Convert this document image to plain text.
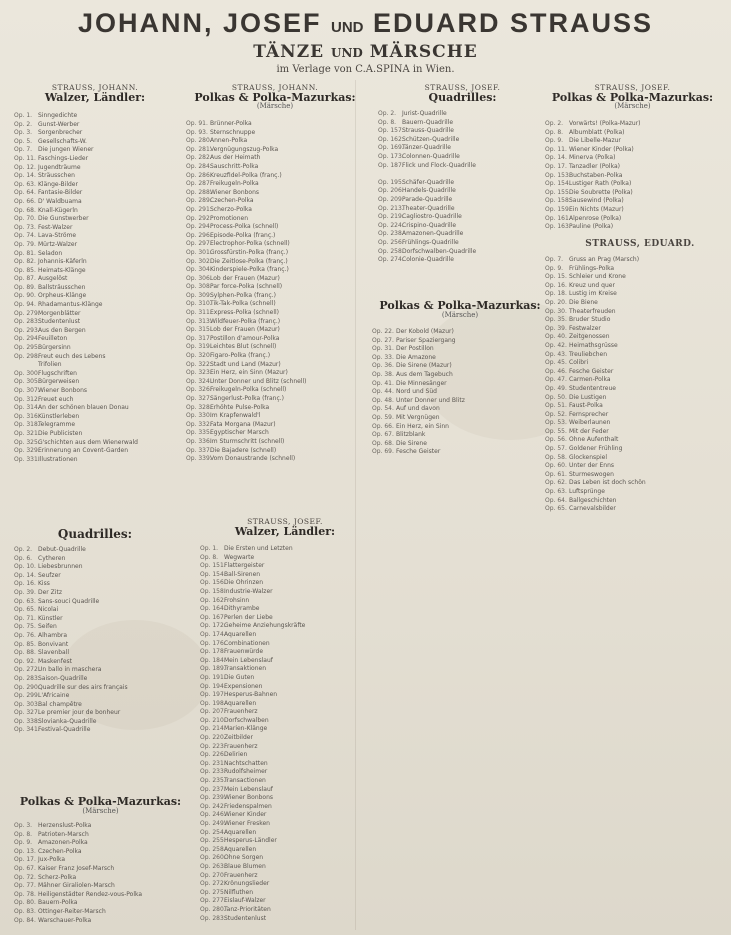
JOHANN, JOSEF UND EDUARD STRAUSS
TÄNZE UND MÄRSCHE
im Verlage von C.A.SPINA in Wien.
STRAUSS, JOHANN.
Walzer, Ländler:
STRAUSS, JOHANN.
Polkas & Polka-Mazurkas:
(Märsche)
STRAUSS, JOSEF.
Quadrilles:
STRAUSS, JOSEF.
Polkas & Polka-Mazurkas:
(Märsche)
STRAUSS, EDUARD.
Polkas & Polka-Mazurkas:
(Märsche)
Quadrilles:
STRAUSS, JOSEF.
Walzer, Ländler:
Polkas & Polka-Mazurkas:
(Märsche)
Op. 1. Sinngedichte
Op. 2. Gunst-Werber
Op. 3. Sorgenbrecher
Op. 5. Gesellschafts-W.
Op. 7. Die jungen Wiener
Op. 11. Faschings-Lieder
Op. 12. Jugendträume
Op. 14. Sträusschen
Op. 63. Klänge-Bilder
Op. 64. Fantasie-Bilder
Op. 66. D' Waldbuama
Op. 68. Knall-Kügerln
Op. 70. Die Gunstwerber
Op. 73. Fest-Walzer
Op. 74. Lava-Ströme
Op. 79. Mürtz-Walzer
Op. 81. Seladon
Op. 82. Johannis-Käferln
Op. 85. Heimats-Klänge
Op. 87. Ausgelöst
Op. 89. Ballsträusschen
Op. 90. Orpheus-Klänge
Op. 94. Rhadamantus-Klänge
Op. 279.Morgenblätter
Op. 283.Studentenlust
Op. 293.Aus den Bergen
Op. 294.Feuilleton
Op. 295.Bürgersinn
Op. 298.Freut euch des Lebens
Trifolien
Op. 300.Flugschriften
Op. 305.Bürgerweisen
Op. 307.Wiener Bonbons
Op. 312.Freuet euch
Op. 314.An der schönen blauen Donau
Op. 316.Künstlerleben
Op. 318.Telegramme
Op. 321.Die Publicisten
Op. 325.G'schichten aus dem Wienerwald
Op. 329.Erinnerung an Covent-Garden
Op. 331.Illustrationen
Op. 91. Brünner-Polka
Op. 93. Sternschnuppe
Op. 280.Annen-Polka
Op. 281.Vergnügungszug-Polka
Op. 282.Aus der Heimath
Op. 284.Sauschritt-Polka
Op. 286.Kreuzfidel-Polka (franç.)
Op. 287.Freikugeln-Polka
Op. 288.Wiener Bonbons
Op. 289.Czechen-Polka
Op. 291.Scherzo-Polka
Op. 292.Promotionen
Op. 294.Process-Polka (schnell)
Op. 296.Episode-Polka (franç.)
Op. 297.Electrophor-Polka (schnell)
Op. 301.Grossfürstin-Polka (franç.)
Op. 302.Die Zeitlose-Polka (franç.)
Op. 304.Kinderspiele-Polka (franç.)
Op. 306.Lob der Frauen (Mazur)
Op. 308.Par force-Polka (schnell)
Op. 309.Sylphen-Polka (franç.)
Op. 310.Tik-Tak-Polka (schnell)
Op. 311.Express-Polka (schnell)
Op. 313.Wildfeuer-Polka (franç.)
Op. 315.Lob der Frauen (Mazur)
Op. 317.Postillon d'amour-Polka
Op. 319.Leichtes Blut (schnell)
Op. 320.Figaro-Polka (franç.)
Op. 322.Stadt und Land (Mazur)
Op. 323.Ein Herz, ein Sinn (Mazur)
Op. 324.Unter Donner und Blitz (schnell)
Op. 326.Freikugeln-Polka (schnell)
Op. 327.Sängerlust-Polka (franç.)
Op. 328.Erhöhte Pulse-Polka
Op. 330.Im Krapfenwald'l
Op. 332.Fata Morgana (Mazur)
Op. 335.Egyptischer Marsch
Op. 336.Im Sturmschritt (schnell)
Op. 337.Die Bajadere (schnell)
Op. 339.Vom Donaustrande (schnell)
Op. 2. Jurist-Quadrille
Op. 8. Bauern-Quadrille
Op. 157.Strauss-Quadrille
Op. 162.Schützen-Quadrille
Op. 169.Tänzer-Quadrille
Op. 173.Colonnen-Quadrille
Op. 187.Flick und Flock-Quadrille
Op. 195.Schäfer-Quadrille
Op. 206.Handels-Quadrille
Op. 209.Parade-Quadrille
Op. 213.Theater-Quadrille
Op. 219.Cagliostro-Quadrille
Op. 224.Crispino-Quadrille
Op. 238.Amazonen-Quadrille
Op. 256.Frühlings-Quadrille
Op. 258.Dorfschwalben-Quadrille
Op. 274.Colonie-Quadrille
Op. 2. Vorwärts! (Polka-Mazur)
Op. 8. Albumblatt (Polka)
Op. 9. Die Libelle-Mazur
Op. 11. Wiener Kinder (Polka)
Op. 14. Minerva (Polka)
Op. 17. Tanzadler (Polka)
Op. 153.Buchstaben-Polka
Op. 154.Lustiger Rath (Polka)
Op. 155.Die Soubrette (Polka)
Op. 158.Sausewind (Polka)
Op. 159.Ein Nichts (Mazur)
Op. 161.Alpenrose (Polka)
Op. 163.Pauline (Polka)
Op. 7. Gruss an Prag (Marsch)
Op. 9. Frühlings-Polka
Op. 15. Schleier und Krone
Op. 16. Kreuz und quer
Op. 18. Lustig im Kreise
Op. 20. Die Biene
Op. 30. Theaterfreuden
Op. 35. Bruder Studio
Op. 39. Festwalzer
Op. 40. Zeitgenossen
Op. 42. Heimathsgrüsse
Op. 43. Treuliebchen
Op. 45. Colibri
Op. 46. Fesche Geister
Op. 47. Carmen-Polka
Op. 49. Studententreue
Op. 50. Die Lustigen
Op. 51. Faust-Polka
Op. 52. Fernsprecher
Op. 53. Weiberlaunen
Op. 55. Mit der Feder
Op. 56. Ohne Aufenthalt
Op. 57. Goldener Frühling
Op. 58. Glockenspiel
Op. 60. Unter der Enns
Op. 61. Sturmeswogen
Op. 62. Das Leben ist doch schön
Op. 63. Luftsprünge
Op. 64. Ballgeschichten
Op. 65. Carnevalsbilder
Op. 22. Der Kobold (Mazur)
Op. 27. Pariser Spaziergang
Op. 31. Der Postillon
Op. 33. Die Amazone
Op. 36. Die Sirene (Mazur)
Op. 38. Aus dem Tagebuch
Op. 41. Die Minnesänger
Op. 44. Nord und Süd
Op. 48. Unter Donner und Blitz
Op. 54. Auf und davon
Op. 59. Mit Vergnügen
Op. 66. Ein Herz, ein Sinn
Op. 67. Blitzblank
Op. 68. Die Sirene
Op. 69. Fesche Geister
Op. 2. Debut-Quadrille
Op. 6. Cytheren
Op. 10. Liebesbrunnen
Op. 14. Seufzer
Op. 16. Kiss
Op. 39. Der Zitz
Op. 63. Sans-souci Quadrille
Op. 65. Nicolai
Op. 71. Künstler
Op. 75. Seifen
Op. 76. Alhambra
Op. 85. Bonvivant
Op. 88. Slavenball
Op. 92. Maskenfest
Op. 272.Un ballo in maschera
Op. 283.Saison-Quadrille
Op. 290.Quadrille sur des airs français
Op. 299.L'Africaine
Op. 303.Bal champêtre
Op. 327.Le premier jour de bonheur
Op. 338.Slovianka-Quadrille
Op. 341.Festival-Quadrille
Op. 1. Die Ersten und Letzten
Op. 8. Wegwarte
Op. 151.Flattergeister
Op. 154.Ball-Sirenen
Op. 156.Die Ohrinzen
Op. 158.Industrie-Walzer
Op. 162.Frohsinn
Op. 164.Dithyrambe
Op. 167.Perlen der Liebe
Op. 172.Geheime Anziehungskräfte
Op. 174.Aquarellen
Op. 176.Combinationen
Op. 178.Frauenwürde
Op. 184.Mein Lebenslauf
Op. 189.Transaktionen
Op. 191.Die Guten
Op. 194.Expensionen
Op. 197.Hesperus-Bahnen
Op. 198.Aquarellen
Op. 207.Frauenherz
Op. 210.Dorfschwalben
Op. 214.Marien-Klänge
Op. 220.Zeitbilder
Op. 223.Frauenherz
Op. 226.Delirien
Op. 231.Nachtschatten
Op. 233.Rudolfsheimer
Op. 235.Transactionen
Op. 237.Mein Lebenslauf
Op. 239.Wiener Bonbons
Op. 242.Friedenspalmen
Op. 246.Wiener Kinder
Op. 249.Wiener Fresken
Op. 254.Aquarellen
Op. 255.Hesperus-Ländler
Op. 258.Aquarellen
Op. 260.Ohne Sorgen
Op. 263.Blaue Blumen
Op. 270.Frauenherz
Op. 272.Krönungslieder
Op. 275.Nilfluthen
Op. 277.Eislauf-Walzer
Op. 280.Tanz-Prioritäten
Op. 283.Studentenlust
Op. 3. Herzenslust-Polka
Op. 8. Patrioten-Marsch
Op. 9. Amazonen-Polka
Op. 13. Czechen-Polka
Op. 17. Jux-Polka
Op. 67. Kaiser Franz Josef-Marsch
Op. 72. Scherz-Polka
Op. 77. Mähner Giraliolen-Marsch
Op. 78. Heiligenstädter Rendez-vous-Polka
Op. 80. Bauern-Polka
Op. 83. Ottinger-Reiter-Marsch
Op. 84. Warschauer-Polka
